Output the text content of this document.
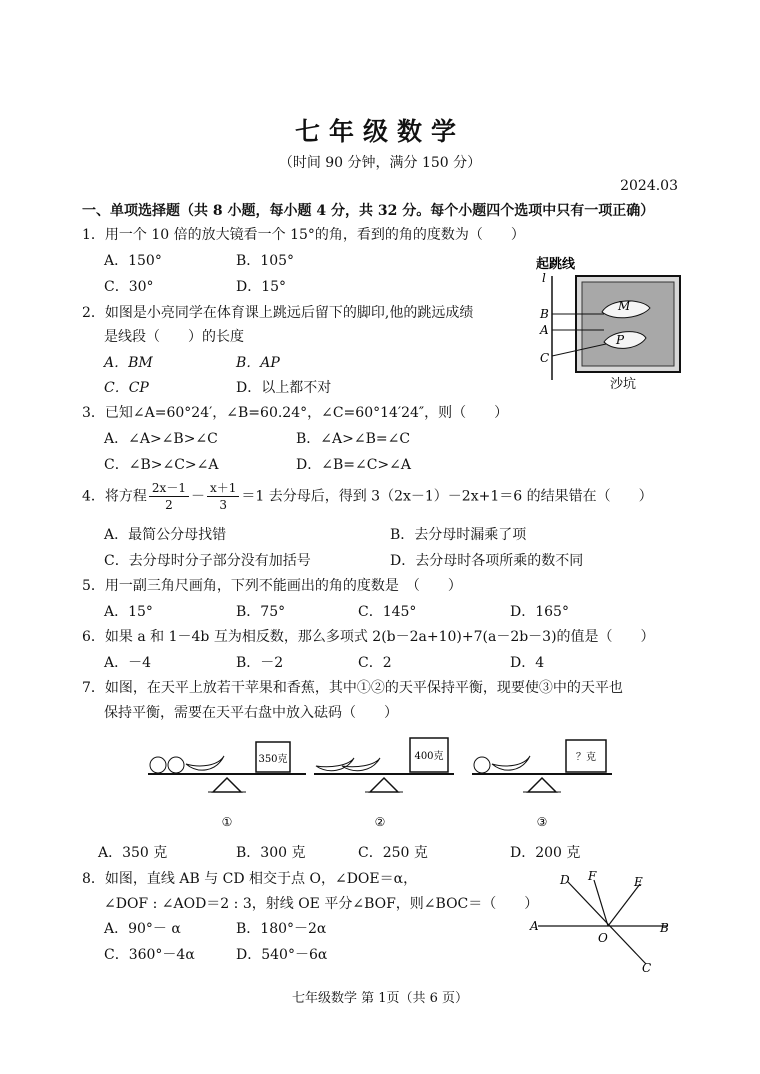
七年级数学
（时间 90 分钟，满分 150 分）
2024.03
一、单项选择题（共 8 小题，每小题 4 分，共 32 分。每个小题四个选项中只有一项正确）
1．用一个 10 倍的放大镜看一个 15°的角，看到的角的度数为（　　）
A．150°	B．105°
C．30°	D．15°
2．如图是小亮同学在体育课上跳远后留下的脚印,他的跳远成绩
是线段（　　）的长度
A．BM	B．AP
C．CP	D．以上都不对
起跳线
l
M
P
B
A
C
沙坑
3．已知∠A=60°24′，∠B=60.24°，∠C=60°14′24″，则（　　）
A．∠A>∠B>∠C	B．∠A>∠B=∠C
C．∠B>∠C>∠A	D．∠B=∠C>∠A
4．将方程 $\frac{2x-1}{2} - \frac{x+1}{3} =1$ 去分母后，得到 3（2x－1）－2x+1＝6 的结果错在（　　）
A．最简公分母找错	B．去分母时漏乘了项
C．去分母时分子部分没有加括号	D．去分母时各项所乘的数不同
5．用一副三角尺画角，下列不能画出的角的度数是　（　　）
A．15°	B．75°	C．145°	D．165°
6．如果 a 和 1－4b 互为相反数，那么多项式 2(b－2a+10)+7(a－2b－3)的值是（　　）
A．－4	B．－2	C．2	D．4
7．如图，在天平上放若干苹果和香蕉，其中①②的天平保持平衡，现要使③中的天平也
保持平衡，需要在天平右盘中放入砝码（　　）
350克
①
400克
②
？克
③
A．350 克	B．300 克	C．250 克	D．200 克
8．如图，直线 AB 与 CD 相交于点 O，∠DOE＝α，
∠DOF : ∠AOD＝2 : 3，射线 OE 平分∠BOF，则∠BOC＝（　　）
A．90°－ α	B．180°－2α
C．360°－4α	D．540°－6α
A	B
D F	E
O
C
七年级数学 第 1页（共 6 页）
